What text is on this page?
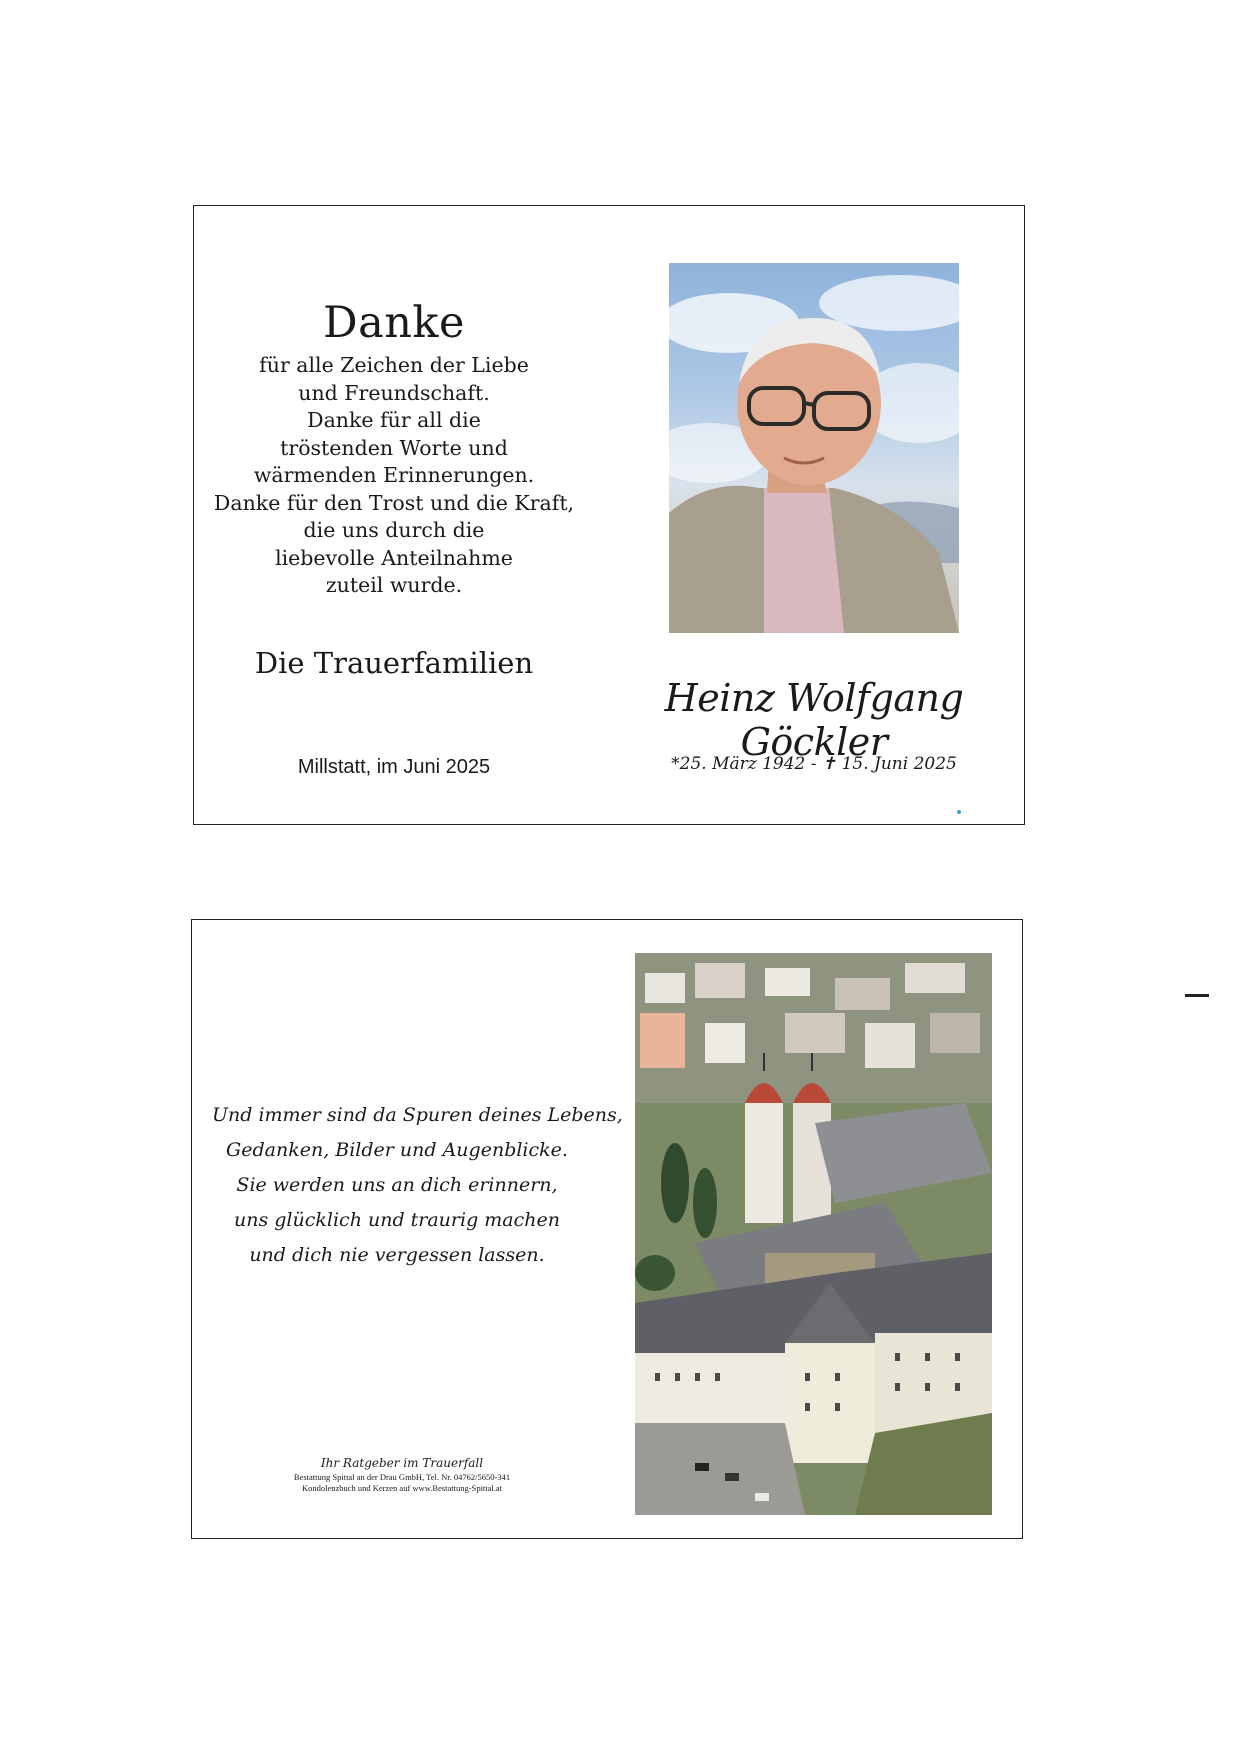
Danke
für alle Zeichen der Liebe
und Freundschaft.
Danke für all die
tröstenden Worte und
wärmenden Erinnerungen.
Danke für den Trost und die Kraft,
die uns durch die
liebevolle Anteilnahme
zuteil wurde.
Die Trauerfamilien
Millstatt, im Juni 2025
Heinz Wolfgang Göckler
*25. März 1942 - ✝ 15. Juni 2025
Und immer sind da Spuren deines Lebens,
Gedanken, Bilder und Augenblicke.
Sie werden uns an dich erinnern,
uns glücklich und traurig machen
und dich nie vergessen lassen.
Ihr Ratgeber im Trauerfall
Bestattung Spittal an der Drau GmbH, Tel. Nr. 04762/5650-341
Kondolenzbuch und Kerzen auf www.Bestattung-Spittal.at
